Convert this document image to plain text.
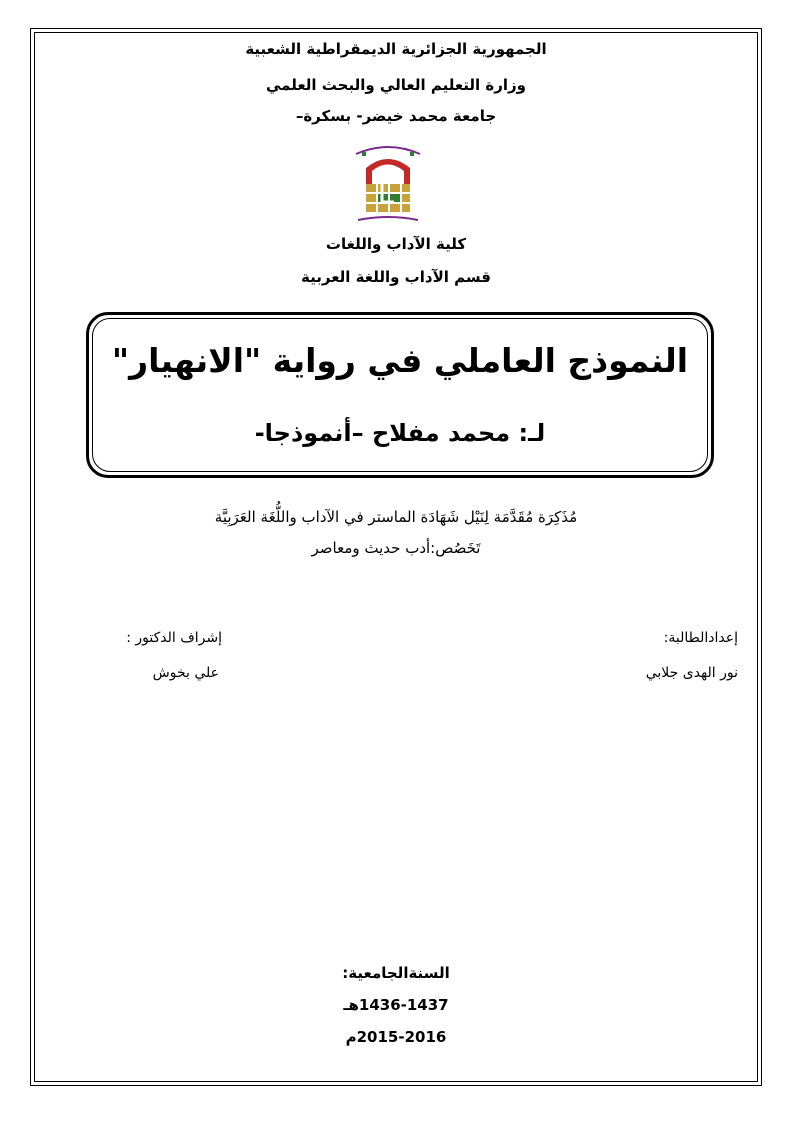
الجمهورية الجزائرية الديمقراطية الشعبية
وزارة التعليم العالي والبحث العلمي
جامعة محمد خيضر- بسكرة–
كلية الآداب واللغات
قسم الآداب واللغة العربية
النموذج العاملي في رواية "الانهيار"
لـ: محمد مفلاح –أنموذجا-
مُذَكِرَة مُقَدَّمَة لِنَيْل شَهَادَة الماستر في الآداب واللُّغَة العَرَبِيَّة
تَخَصُص:أدب حديث ومعاصر
إعدادالطالبة:
نور الهدى جلابي
إشراف الدكتور :
علي بخوش
السنةالجامعية:
1436-1437هـ
2015-2016م
